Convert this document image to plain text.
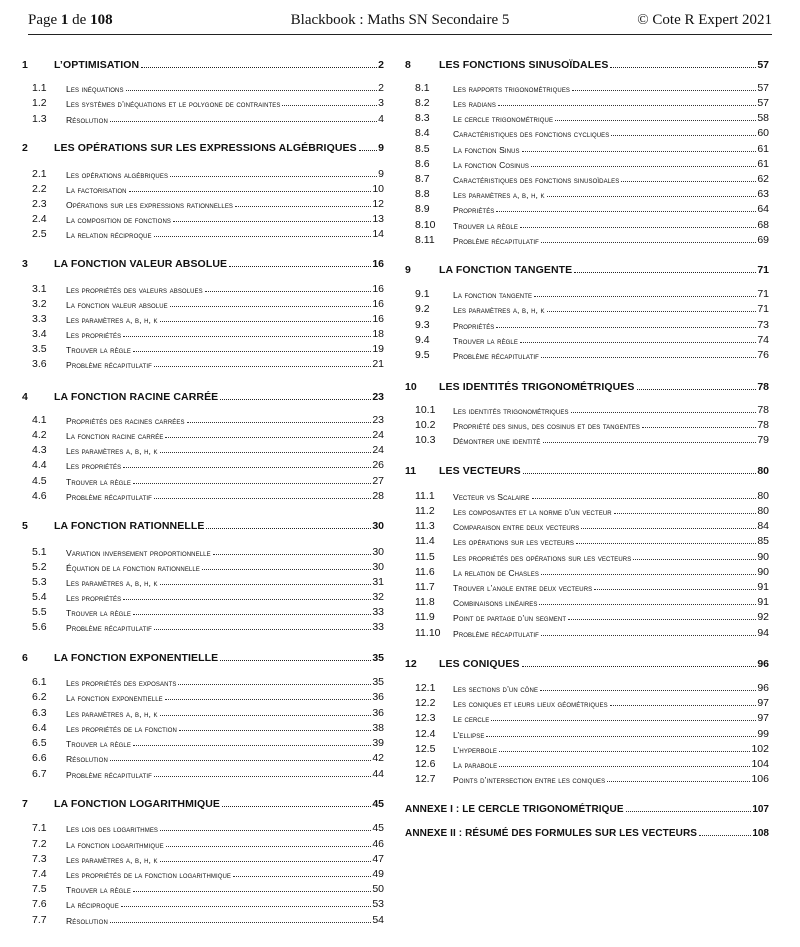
Page 1 de 108	Blackbook : Maths SN Secondaire 5	© Cote R Expert 2021
1	L’OPTIMISATION	2
1.1	Les inéquations	2
1.2	Les systèmes d’inéquations et le polygone de contraintes	3
1.3	Résolution	4
2	LES OPÉRATIONS SUR LES EXPRESSIONS ALGÉBRIQUES 9
2.1	Les opérations algébriques	9
2.2	La factorisation	10
2.3	Opérations sur les expressions rationnelles	12
2.4	La composition de fonctions	13
2.5	La relation réciproque	14
3	LA FONCTION VALEUR ABSOLUE	16
3.1	Les propriétés des valeurs absolues	16
3.2	La fonction valeur absolue	16
3.3	Les paramètres a, b, h, k	16
3.4	Les propriétés	18
3.5	Trouver la règle	19
3.6	Problème récapitulatif	21
4	LA FONCTION RACINE CARRÉE	23
4.1	Propriétés des racines carrées	23
4.2	La fonction racine carrée	24
4.3	Les paramètres a, b, h, k	24
4.4	Les propriétés	26
4.5	Trouver la règle	27
4.6	Problème récapitulatif	28
5	LA FONCTION RATIONNELLE	30
5.1	Variation inversement proportionnelle	30
5.2	Équation de la fonction rationnelle	30
5.3	Les paramètres a, b, h, k	31
5.4	Les propriétés	32
5.5	Trouver la règle	33
5.6	Problème récapitulatif	33
6	LA FONCTION EXPONENTIELLE	35
6.1	Les propriétés des exposants	35
6.2	La fonction exponentielle	36
6.3	Les paramètres a, b, h, k	36
6.4	Les propriétés de la fonction	38
6.5	Trouver la règle	39
6.6	Résolution	42
6.7	Problème récapitulatif	44
7	LA FONCTION LOGARITHMIQUE	45
7.1	Les lois des logarithmes	45
7.2	La fonction logarithmique	46
7.3	Les paramètres a, b, h, k	47
7.4	Les propriétés de la fonction logarithmique	49
7.5	Trouver la règle	50
7.6	La réciproque	53
7.7	Résolution	54
8	LES FONCTIONS SINUSOÏDALES	57
8.1	Les rapports trigonométriques	57
8.2	Les radians	57
8.3	Le cercle trigonométrique	58
8.4	Caractéristiques des fonctions cycliques	60
8.5	La fonction Sinus	61
8.6	La fonction Cosinus	61
8.7	Caractéristiques des fonctions sinusoïdales	62
8.8	Les paramètres a, b, h, k	63
8.9	Propriétés	64
8.10	Trouver la règle	68
8.11	Problème récapitulatif	69
9	LA FONCTION TANGENTE	71
9.1	La fonction tangente	71
9.2	Les paramètres a, b, h, k	71
9.3	Propriétés	73
9.4	Trouver la règle	74
9.5	Problème récapitulatif	76
10	LES IDENTITÉS TRIGONOMÉTRIQUES	78
10.1	Les identités trigonométriques	78
10.2	Propriété des sinus, des cosinus et des tangentes	78
10.3	Démontrer une identité	79
11	LES VECTEURS	80
11.1	Vecteur vs Scalaire	80
11.2	Les composantes et la norme d’un vecteur	80
11.3	Comparaison entre deux vecteurs	84
11.4	Les opérations sur les vecteurs	85
11.5	Les propriétés des opérations sur les vecteurs	90
11.6	La relation de Chasles	90
11.7	Trouver l’angle entre deux vecteurs	91
11.8	Combinaisons linéaires	91
11.9	Point de partage d’un segment	92
11.10	Problème récapitulatif	94
12	LES CONIQUES	96
12.1	Les sections d’un cône	96
12.2	Les coniques et leurs lieux géométriques	97
12.3	Le cercle	97
12.4	L’ellipse	99
12.5	L’hyperbole	102
12.6	La parabole	104
12.7	Points d’intersection entre les coniques	106
ANNEXE I : LE CERCLE TRIGONOMÉTRIQUE	107
ANNEXE II : RÉSUMÉ DES FORMULES SUR LES VECTEURS	108
